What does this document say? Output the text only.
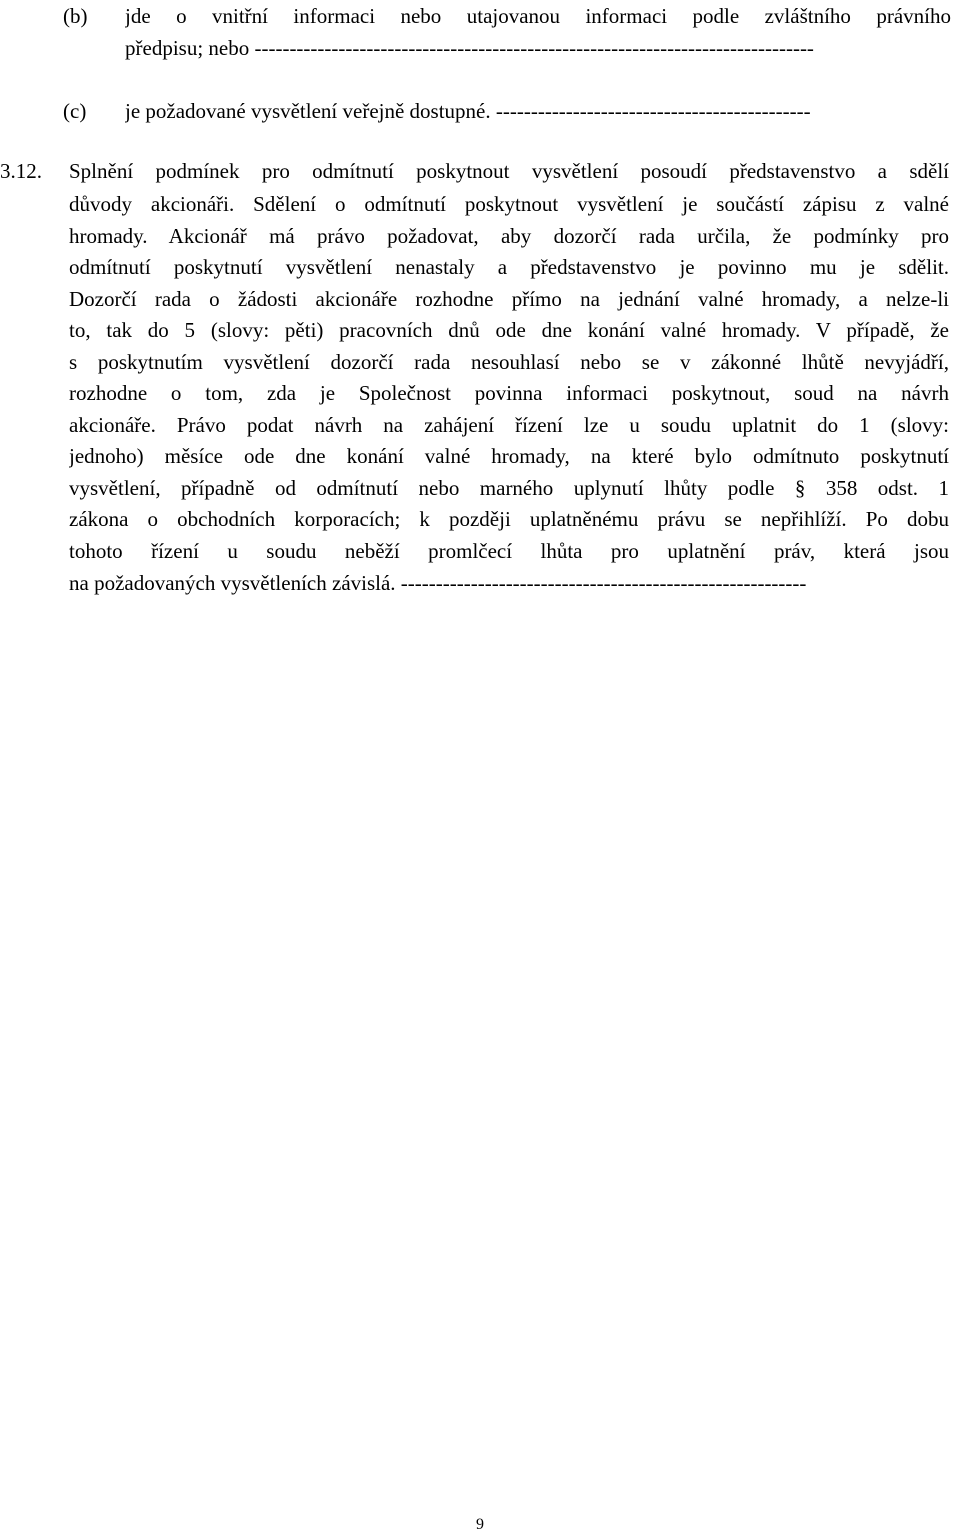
(b) jde o vnitřní informaci nebo utajovanou informaci podle zvláštního právního
předpisu; nebo --------------------------------------------------------------------------------
(c) je požadované vysvětlení veřejně dostupné. ---------------------------------------------
3.12. Splnění podmínek pro odmítnutí poskytnout vysvětlení posoudí představenstvo a sdělí
důvody akcionáři. Sdělení o odmítnutí poskytnout vysvětlení je součástí zápisu z valné
hromady. Akcionář má právo požadovat, aby dozorčí rada určila, že podmínky pro
odmítnutí poskytnutí vysvětlení nenastaly a představenstvo je povinno mu je sdělit.
Dozorčí rada o žádosti akcionáře rozhodne přímo na jednání valné hromady, a nelze-li
to, tak do 5 (slovy: pěti) pracovních dnů ode dne konání valné hromady. V případě, že
s poskytnutím vysvětlení dozorčí rada nesouhlasí nebo se v zákonné lhůtě nevyjádří,
rozhodne o tom, zda je Společnost povinna informaci poskytnout, soud na návrh
akcionáře. Právo podat návrh na zahájení řízení lze u soudu uplatnit do 1 (slovy:
jednoho) měsíce ode dne konání valné hromady, na které bylo odmítnuto poskytnutí
vysvětlení, případně od odmítnutí nebo marného uplynutí lhůty podle § 358 odst. 1
zákona o obchodních korporacích; k později uplatněnému právu se nepřihlíží. Po dobu
tohoto řízení u soudu neběží promlčecí lhůta pro uplatnění práv, která jsou
na požadovaných vysvětleních závislá. ----------------------------------------------------------
9
